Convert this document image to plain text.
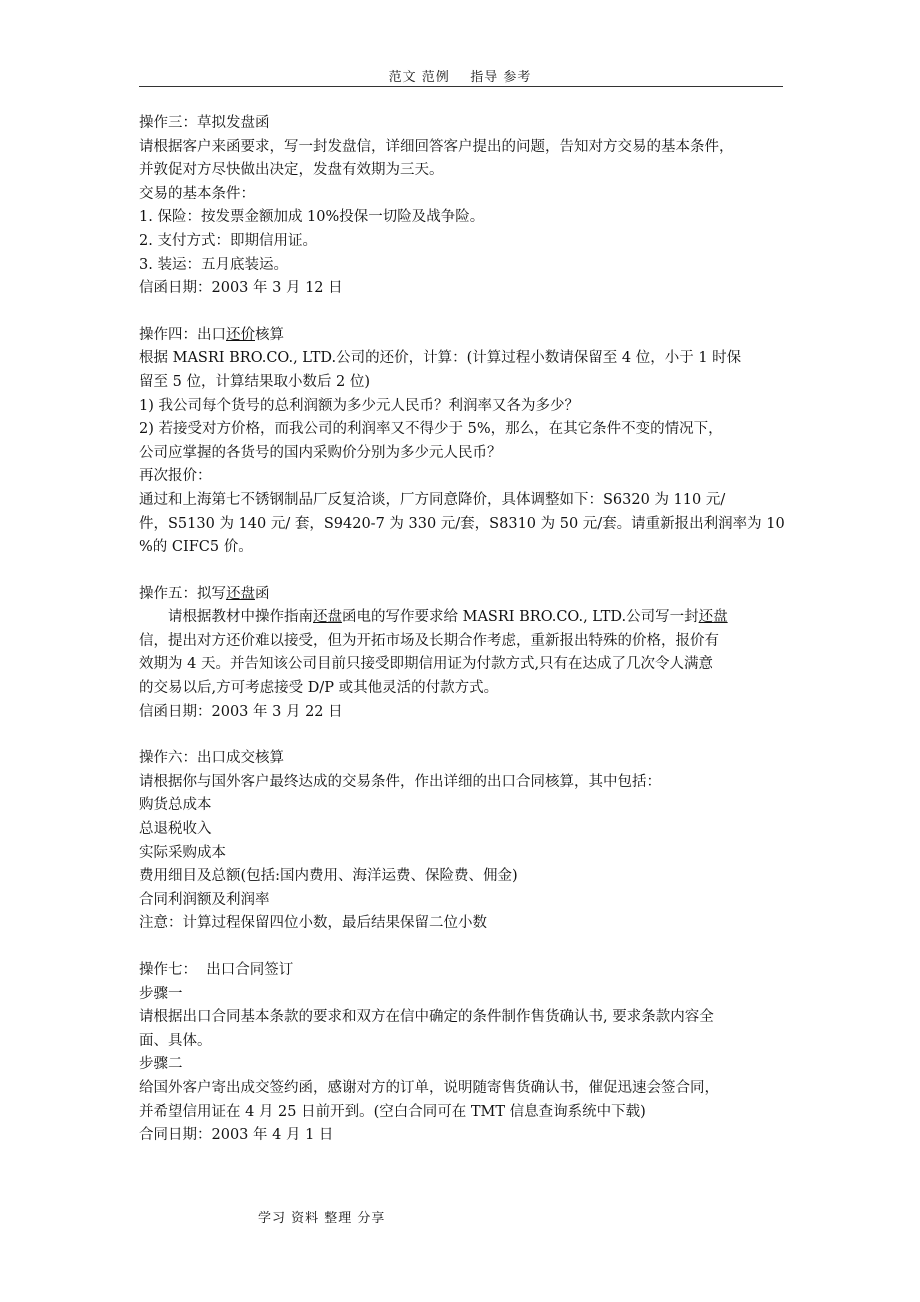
范文 范例    指导 参考

操作三：草拟发盘函

请根据客户来函要求，写一封发盘信，详细回答客户提出的问题，告知对方交易的基本条件，

并敦促对方尽快做出决定，发盘有效期为三天。

交易的基本条件：

1. 保险：按发票金额加成 10%投保一切险及战争险。

2. 支付方式：即期信用证。

3. 装运：五月底装运。

信函日期：2003 年 3 月 12 日

操作四：出口还价核算

根据 MASRI BRO.CO., LTD.公司的还价，计算：(计算过程小数请保留至 4 位，小于 1 时保

留至 5 位，计算结果取小数后 2 位)

1) 我公司每个货号的总利润额为多少元人民币？利润率又各为多少？

2) 若接受对方价格，而我公司的利润率又不得少于 5%，那么，在其它条件不变的情况下，

公司应掌握的各货号的国内采购价分别为多少元人民币？

再次报价：

通过和上海第七不锈钢制品厂反复洽谈，厂方同意降价，具体调整如下：S6320 为 110 元/

件，S5130 为 140 元/ 套，S9420-7 为 330 元/套，S8310 为 50 元/套。请重新报出利润率为 10

%的 CIFC5 价。

操作五：拟写还盘函

请根据教材中操作指南还盘函电的写作要求给 MASRI BRO.CO., LTD.公司写一封还盘

信，提出对方还价难以接受，但为开拓市场及长期合作考虑，重新报出特殊的价格，报价有

效期为 4 天。并告知该公司目前只接受即期信用证为付款方式,只有在达成了几次令人满意

的交易以后,方可考虑接受 D/P 或其他灵活的付款方式。

信函日期：2003 年 3 月 22 日

操作六：出口成交核算

请根据你与国外客户最终达成的交易条件，作出详细的出口合同核算，其中包括：

购货总成本

总退税收入

实际采购成本

费用细目及总额(包括:国内费用、海洋运费、保险费、佣金)

合同利润额及利润率

注意：计算过程保留四位小数，最后结果保留二位小数

操作七：  出口合同签订

步骤一

请根据出口合同基本条款的要求和双方在信中确定的条件制作售货确认书, 要求条款内容全

面、具体。

步骤二

给国外客户寄出成交签约函，感谢对方的订单，说明随寄售货确认书，催促迅速会签合同，

并希望信用证在 4 月 25 日前开到。(空白合同可在 TMT 信息查询系统中下载)

合同日期：2003 年 4 月 1 日

学习 资料 整理 分享
